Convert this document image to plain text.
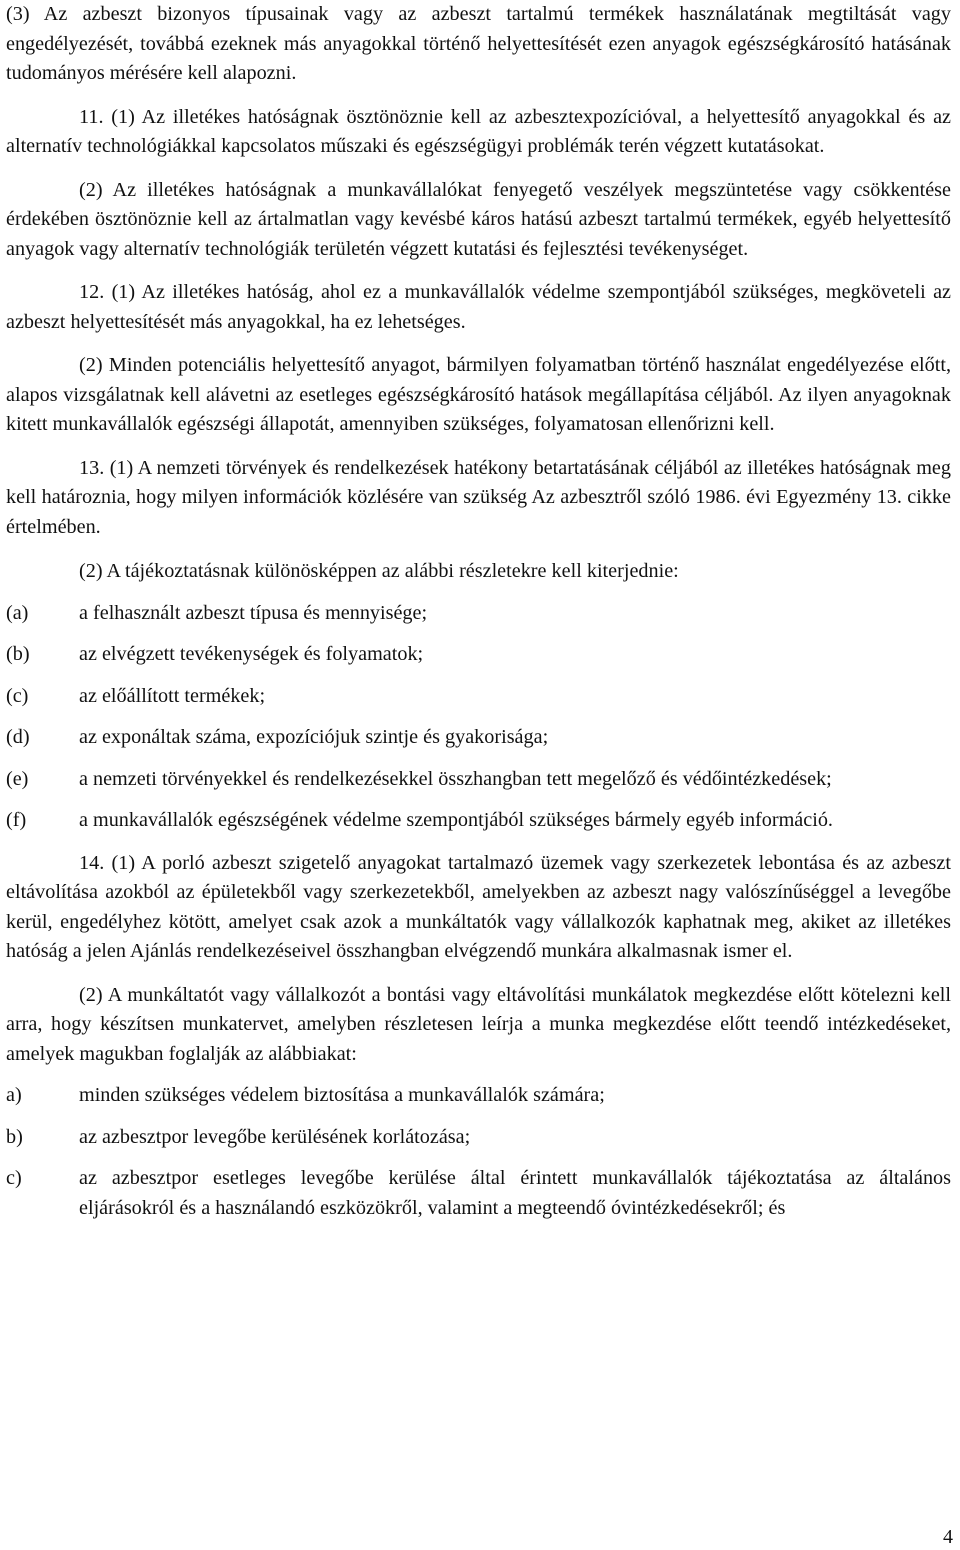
(3) Az azbeszt bizonyos típusainak vagy az azbeszt tartalmú termékek használatának megtiltását vagy engedélyezését, továbbá ezeknek más anyagokkal történő helyettesítését ezen anyagok egészségkárosító hatásának tudományos mérésére kell alapozni.

11. (1) Az illetékes hatóságnak ösztönöznie kell az azbesztexpozícióval, a helyettesítő anyagokkal és az alternatív technológiákkal kapcsolatos műszaki és egészségügyi problémák terén végzett kutatásokat.

(2) Az illetékes hatóságnak a munkavállalókat fenyegető veszélyek megszüntetése vagy csökkentése érdekében ösztönöznie kell az ártalmatlan vagy kevésbé káros hatású azbeszt tartalmú termékek, egyéb helyettesítő anyagok vagy alternatív technológiák területén végzett kutatási és fejlesztési tevékenységet.

12. (1) Az illetékes hatóság, ahol ez a munkavállalók védelme szempontjából szükséges, megköveteli az azbeszt helyettesítését más anyagokkal, ha ez lehetséges.

(2) Minden potenciális helyettesítő anyagot, bármilyen folyamatban történő használat engedélyezése előtt, alapos vizsgálatnak kell alávetni az esetleges egészségkárosító hatások megállapítása céljából. Az ilyen anyagoknak kitett munkavállalók egészségi állapotát, amennyiben szükséges, folyamatosan ellenőrizni kell.

13. (1) A nemzeti törvények és rendelkezések hatékony betartatásának céljából az illetékes hatóságnak meg kell határoznia, hogy milyen információk közlésére van szükség Az azbesztről szóló 1986. évi Egyezmény 13. cikke értelmében.

(2) A tájékoztatásnak különösképpen az alábbi részletekre kell kiterjednie:

(a)	a felhasznált azbeszt típusa és mennyisége;
(b)	az elvégzett tevékenységek és folyamatok;
(c)	az előállított termékek;
(d)	az exponáltak száma, expozíciójuk szintje és gyakorisága;
(e)	a nemzeti törvényekkel és rendelkezésekkel összhangban tett megelőző és védőintézkedések;
(f)	a munkavállalók egészségének védelme szempontjából szükséges bármely egyéb információ.

14. (1) A porló azbeszt szigetelő anyagokat tartalmazó üzemek vagy szerkezetek lebontása és az azbeszt eltávolítása azokból az épületekből vagy szerkezetekből, amelyekben az azbeszt nagy valószínűséggel a levegőbe kerül, engedélyhez kötött, amelyet csak azok a munkáltatók vagy vállalkozók kaphatnak meg, akiket az illetékes hatóság a jelen Ajánlás rendelkezéseivel összhangban elvégzendő munkára alkalmasnak ismer el.

(2) A munkáltatót vagy vállalkozót a bontási vagy eltávolítási munkálatok megkezdése előtt kötelezni kell arra, hogy készítsen munkatervet, amelyben részletesen leírja a munka megkezdése előtt teendő intézkedéseket, amelyek magukban foglalják az alábbiakat:

a)	minden szükséges védelem biztosítása a munkavállalók számára;
b)	az azbesztpor levegőbe kerülésének korlátozása;
c)	az azbesztpor esetleges levegőbe kerülése által érintett munkavállalók tájékoztatása az általános eljárásokról és a használandó eszközökről, valamint a megteendő óvintézkedésekről; és
4
